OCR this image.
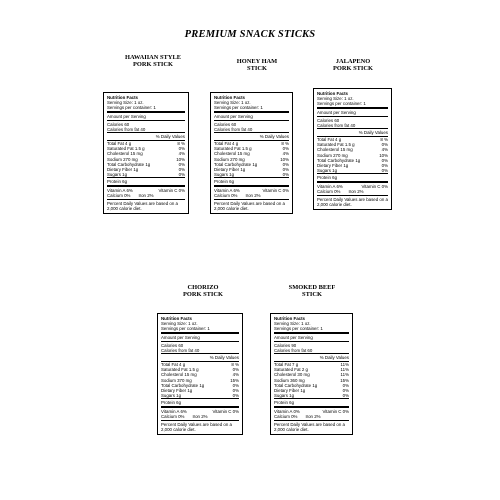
PREMIUM SNACK STICKS
HAWAIIAN STYLE
PORK STICK
Nutrition Facts
Serving Size: 1 oz.
Servings per container: 1
Amount per Serving
Calories 60
Calories from fat 40
% Daily Values
Total Fat 4 g	8 %
Saturated Fat 1.5 g	0%
Cholesterol 15 mg	4%
Sodium 270 mg	10%
Total Carbohydrate 1g	0%
Dietary Fiber 1g	0%
Sugars 1g	0%
Protein 6g
Vitamin A 6%	Vitamin C 0%
Calcium 0% Iron 2%
Percent Daily Values are based on a 2,000 calorie diet.
HONEY HAM
STICK
Nutrition Facts
Serving Size: 1 oz.
Servings per container: 1
Amount per Serving
Calories 60
Calories from fat 40
% Daily Values
Total Fat 4 g	8 %
Saturated Fat 1.5 g	0%
Cholesterol 15 mg	4%
Sodium 270 mg	10%
Total Carbohydrate 1g	0%
Dietary Fiber 1g	0%
Sugars 1g	0%
Protein 6g
Vitamin A 6%	Vitamin C 0%
Calcium 0% Iron 2%
Percent Daily Values are based on a 2,000 calorie diet.
JALAPENO
PORK STICK
Nutrition Facts
Serving Size: 1 oz.
Servings per container: 1
Amount per Serving
Calories 60
Calories from fat 40
% Daily Values
Total Fat 4 g	8 %
Saturated Fat 1.5 g	0%
Cholesterol 15 mg	4%
Sodium 270 mg	10%
Total Carbohydrate 1g	0%
Dietary Fiber 1g	0%
Sugars 1g	0%
Protein 6g
Vitamin A 6%	Vitamin C 0%
Calcium 0% Iron 2%
Percent Daily Values are based on a 2,000 calorie diet.
CHORIZO
PORK STICK
Nutrition Facts
Serving Size: 1 oz.
Servings per container: 1
Amount per Serving
Calories 60
Calories from fat 40
% Daily Values
Total Fat 4 g	8 %
Saturated Fat 1.5 g	0%
Cholesterol 15 mg	4%
Sodium 370 mg	15%
Total Carbohydrate 1g	0%
Dietary Fiber 1g	0%
Sugars 1g	0%
Protein 6g
Vitamin A 6%	Vitamin C 0%
Calcium 0% Iron 2%
Percent Daily Values are based on a 2,000 calorie diet.
SMOKED BEEF
STICK
Nutrition Facts
Serving Size: 1 oz.
Servings per container: 1
Amount per Serving
Calories 90
Calories from fat 60
% Daily Values
Total Fat 7 g	11%
Saturated Fat 2 g	11%
Cholesterol 30 mg	11%
Sodium 360 mg	15%
Total Carbohydrate 1g	0%
Dietary Fiber 1g	0%
Sugars 1g	0%
Protein 6g
Vitamin A 0%	Vitamin C 0%
Calcium 0% Iron 2%
Percent Daily Values are based on a 2,000 calorie diet.
